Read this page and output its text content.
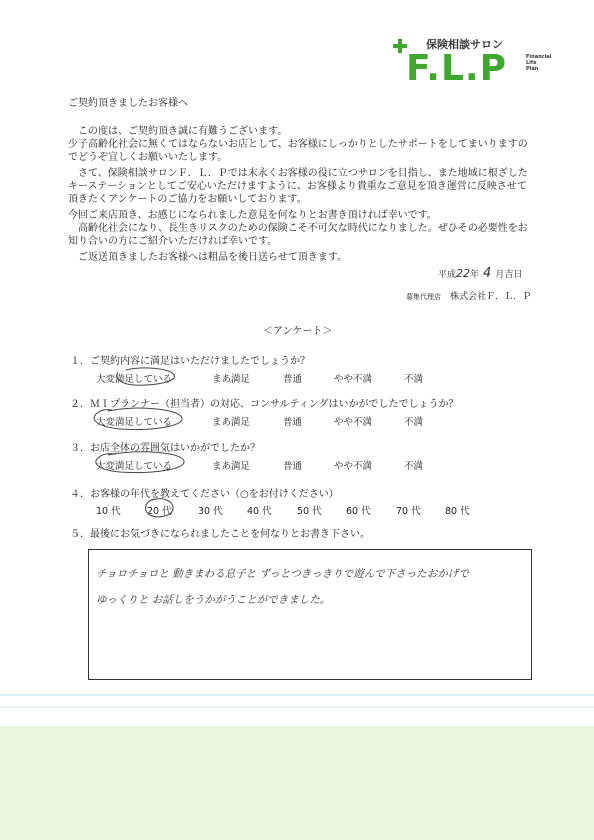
保険相談サロン
F.L.P	Financial
Life
Plan
ご契約頂きましたお客様へ
この度は、ご契約頂き誠に有難うございます。
少子高齢化社会に無くてはならないお店として、お客様にしっかりとしたサポートをしてまいりますの
でどうぞ宜しくお願いいたします。
さて、保険相談サロンＦ．Ｌ．Ｐでは末永くお客様の役に立つサロンを目指し、また地域に根ざした
キーステーションとしてご安心いただけますように、お客様より貴重なご意見を頂き運営に反映させて
頂きたくアンケートのご協力をお願いしております。
今回ご来店頂き、お感じになられました意見を何なりとお書き頂ければ幸いです。
高齢化社会になり、長生きリスクのための保険こそ不可欠な時代になりました。ぜひその必要性をお
知り合いの方にご紹介いただければ幸いです。
ご返送頂きましたお客様へは粗品を後日送らせて頂きます。
平成22年 4 月吉日
募集代理店 株式会社Ｆ．Ｌ．Ｐ
＜アンケート＞
１．ご契約内容に満足はいただけましたでしょうか？
大変満足している	まあ満足	普通	やや不満	不満
２．ＭＩプランナー（担当者）の対応、コンサルティングはいかがでしたでしょうか？
大変満足している	まあ満足	普通	やや不満	不満
３．お店全体の雰囲気はいかがでしたか？
大変満足している	まあ満足	普通	やや不満	不満
４．お客様の年代を教えてください（○をお付けください）
10 代	20 代	30 代	40 代	50 代	60 代	70 代	80 代
５．最後にお気づきになられましたことを何なりとお書き下さい。
チョロチョロと 動きまわる息子と ずっとつきっきりで遊んで下さったおかげで
ゆっくりと お話しをうかがうことができました。
